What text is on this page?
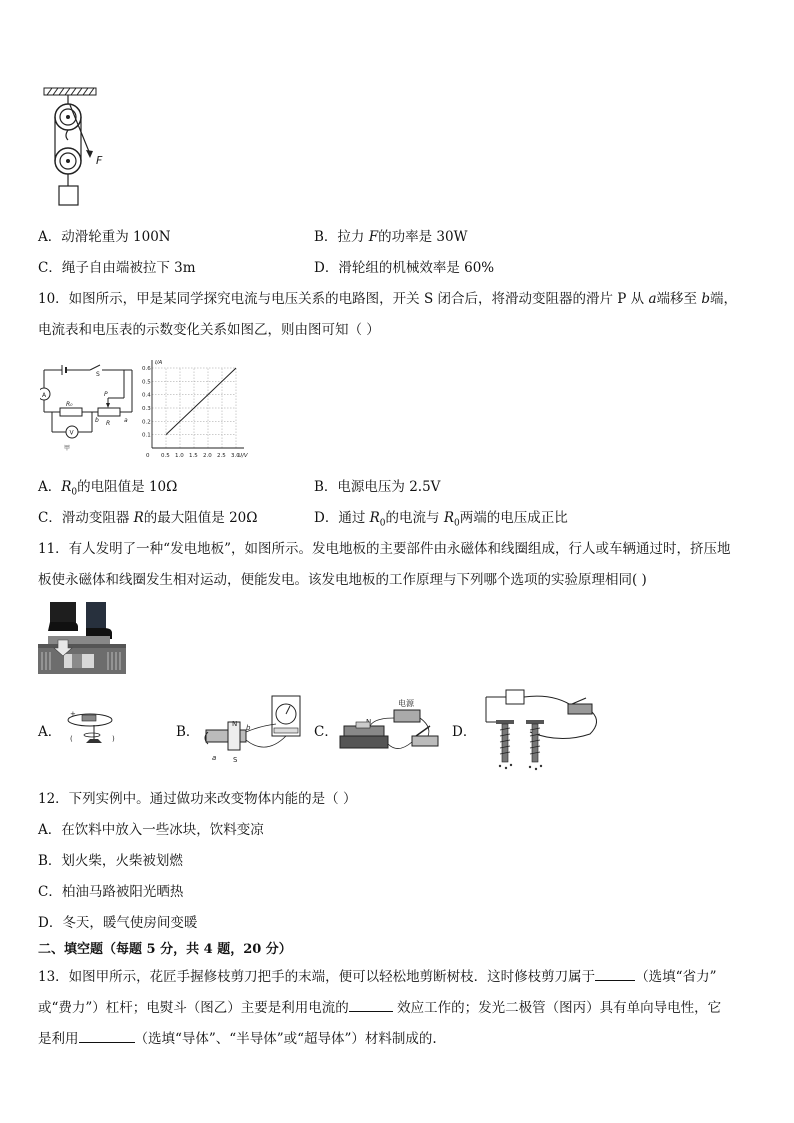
F
A．动滑轮重为 100N	B．拉力 F的功率是 30W
C．绳子自由端被拉下 3m	D．滑轮组的机械效率是 60%
10．如图所示，甲是某同学探究电流与电压关系的电路图，开关 S 闭合后，将滑动变阻器的滑片 P 从 a端移至 b端，
电流表和电压表的示数变化关系如图乙，则由图可知（ ）
S
A
V
R₀
R
P
a
b
甲
0.5 1.0 1.5 2.0 2.5 3.0
0.1
0.2
0.3
0.4
0.5
0.6
0	U/V
I/A
A．$R_0$的电阻值是 10Ω	B．电源电压为 2.5V
C．滑动变阻器 R的最大阻值是 20Ω	D．通过 $R_0$的电流与 $R_0$两端的电压成正比
11．有人发明了一种“发电地板”，如图所示。发电地板的主要部件由永磁体和线圈组成，行人或车辆通过时，挤压地
板使永磁体和线圈发生相对运动，便能发电。该发电地板的工作原理与下列哪个选项的实验原理相同( )
A．
+
(	)	B．	N
S
a
b	C．
电源
D．
12．下列实例中。通过做功来改变物体内能的是（ ）
A．在饮料中放入一些冰块，饮料变凉
B．划火柴，火柴被划燃
C．柏油马路被阳光晒热
D．冬天，暖气使房间变暖
二、填空题（每题 5 分，共 4 题，20 分）
13．如图甲所示，花匠手握修枝剪刀把手的末端，便可以轻松地剪断树枝．这时修枝剪刀属于	（选填“省力”
或“费力”）杠杆；电熨斗（图乙）主要是利用电流的	效应工作的；发光二极管（图丙）具有单向导电性，它
是利用	（选填“导体”、“半导体”或“超导体”）材料制成的.
